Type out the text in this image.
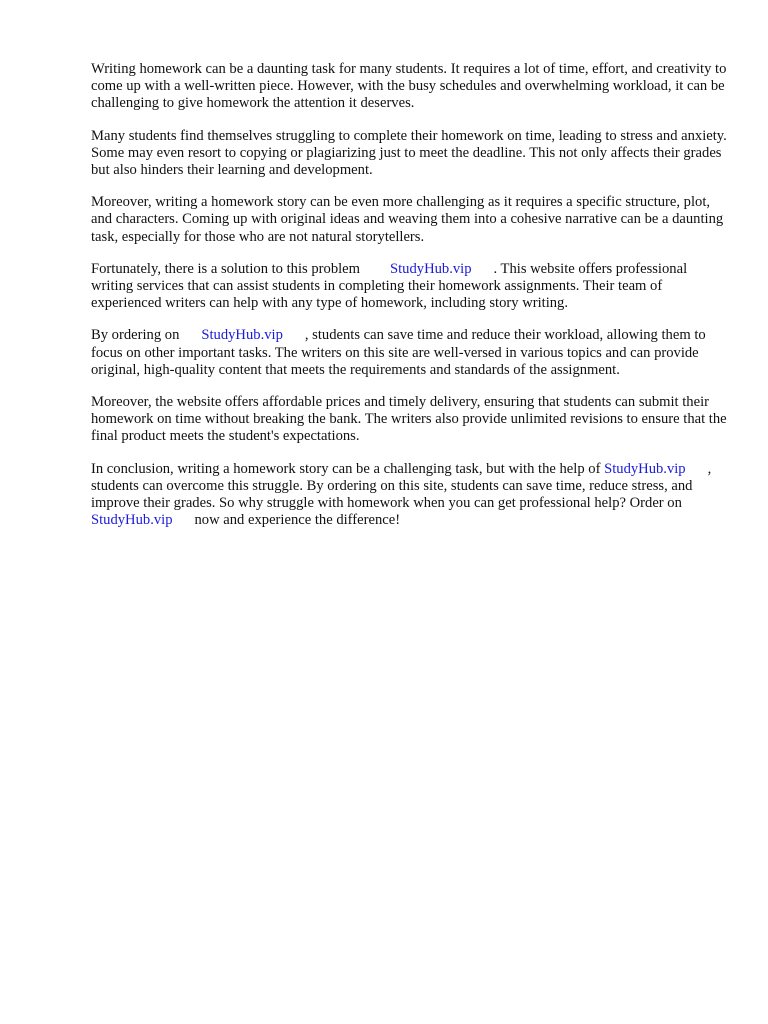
Writing homework can be a daunting task for many students. It requires a lot of time, effort, and creativity to come up with a well-written piece. However, with the busy schedules and overwhelming workload, it can be challenging to give homework the attention it deserves.

Many students find themselves struggling to complete their homework on time, leading to stress and anxiety. Some may even resort to copying or plagiarizing just to meet the deadline. This not only affects their grades but also hinders their learning and development.

Moreover, writing a homework story can be even more challenging as it requires a specific structure, plot, and characters. Coming up with original ideas and weaving them into a cohesive narrative can be a daunting task, especially for those who are not natural storytellers.

Fortunately, there is a solution to this problem StudyHub.vip . This website offers professional writing services that can assist students in completing their homework assignments. Their team of experienced writers can help with any type of homework, including story writing.

By ordering on StudyHub.vip , students can save time and reduce their workload, allowing them to focus on other important tasks. The writers on this site are well-versed in various topics and can provide original, high-quality content that meets the requirements and standards of the assignment.

Moreover, the website offers affordable prices and timely delivery, ensuring that students can submit their homework on time without breaking the bank. The writers also provide unlimited revisions to ensure that the final product meets the student's expectations.

In conclusion, writing a homework story can be a challenging task, but with the help of StudyHub.vip , students can overcome this struggle. By ordering on this site, students can save time, reduce stress, and improve their grades. So why struggle with homework when you can get professional help? Order onStudyHub.vip now and experience the difference!
